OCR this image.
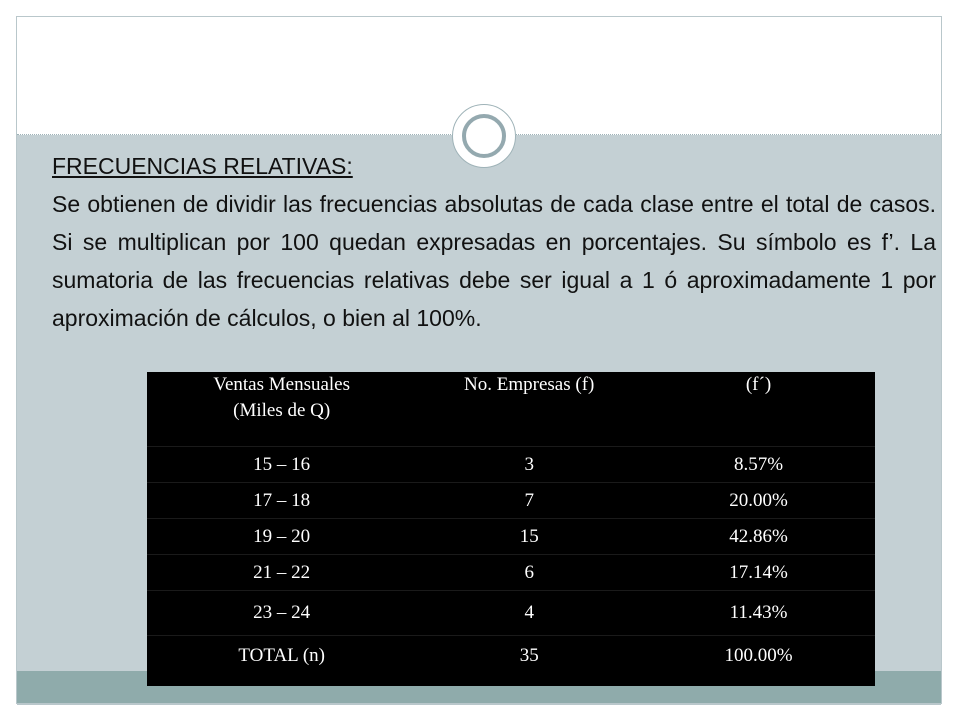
FRECUENCIAS RELATIVAS:
Se obtienen de dividir las frecuencias absolutas de cada clase entre el total de casos. Si se multiplican por 100 quedan expresadas en porcentajes. Su símbolo es f’. La sumatoria de las frecuencias relativas debe ser igual a 1 ó aproximadamente 1 por aproximación de cálculos, o bien al 100%.
Ventas Mensuales
(Miles de Q)	No. Empresas (f)	(f´)
15 – 16	3	8.57%
17 – 18	7	20.00%
19 – 20	15	42.86%
21 – 22	6	17.14%
23 – 24	4	11.43%
TOTAL (n)	35	100.00%
